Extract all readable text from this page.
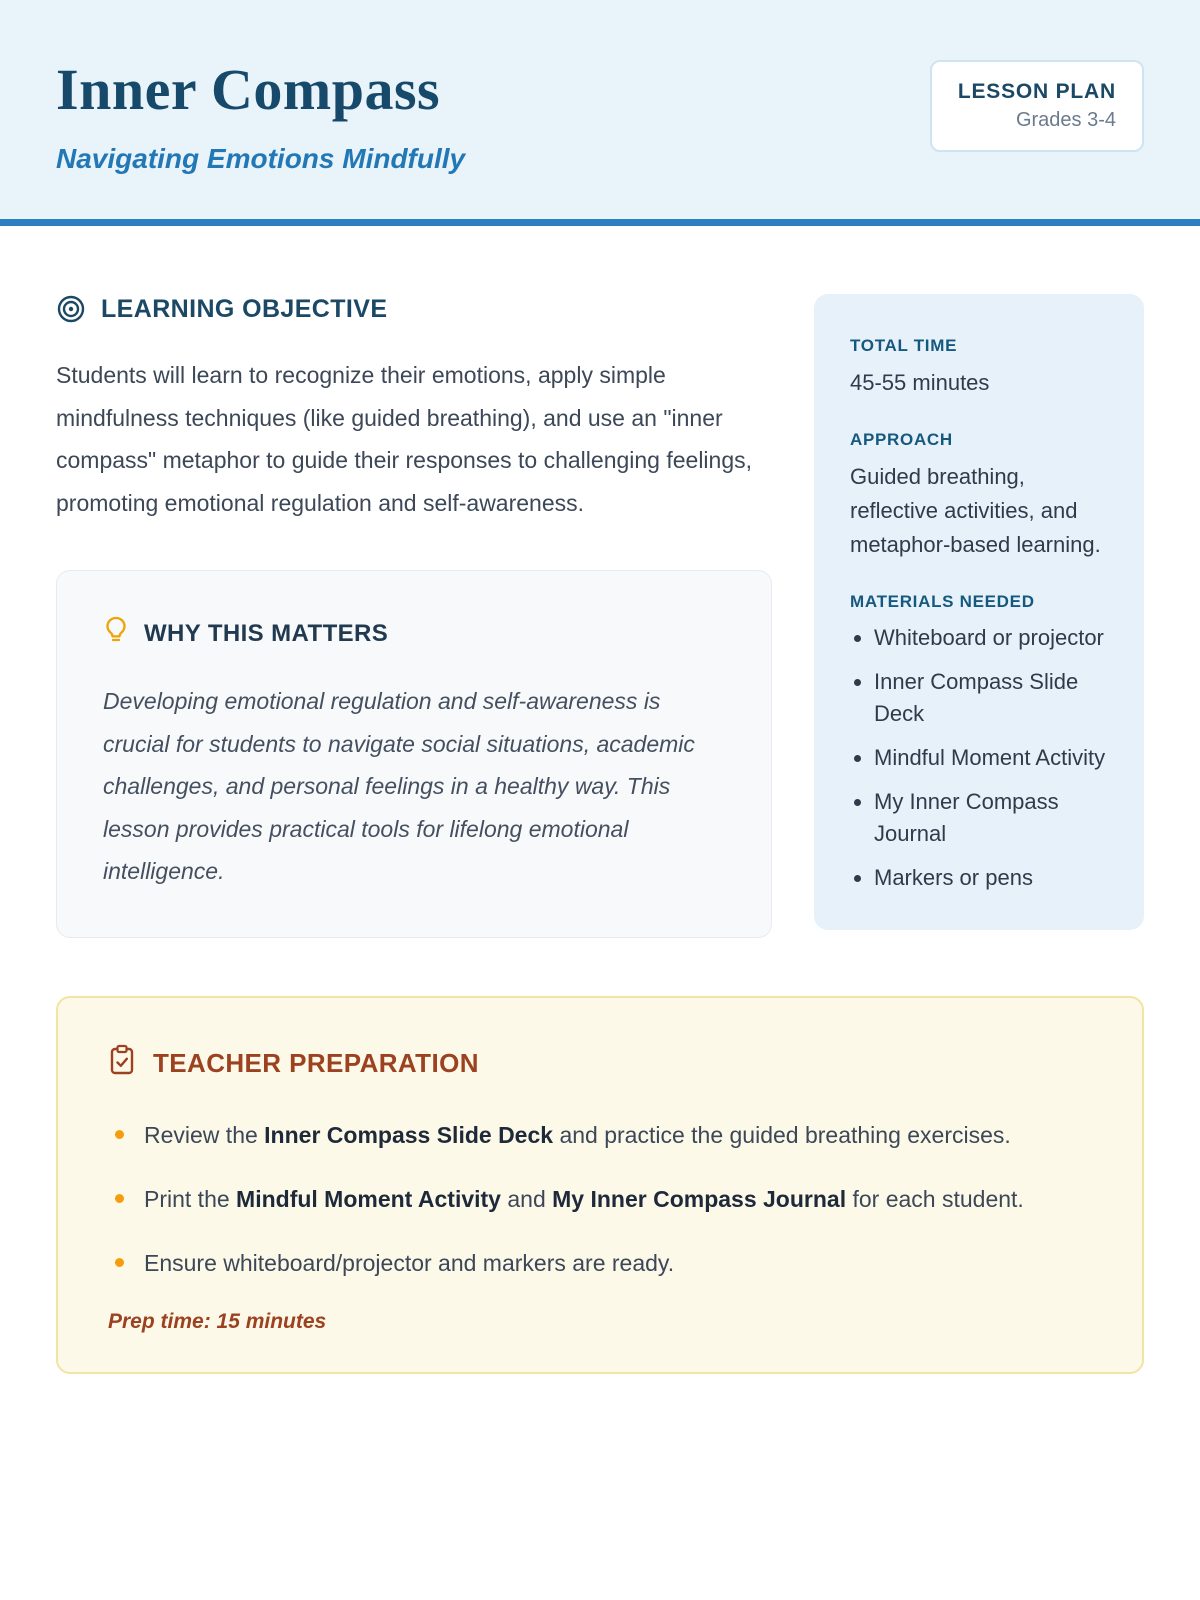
Inner Compass

Navigating Emotions Mindfully

LESSON PLAN
Grades 3-4
LEARNING OBJECTIVE

Students will learn to recognize their emotions, apply simple mindfulness techniques (like guided breathing), and use an "inner compass" metaphor to guide their responses to challenging feelings, promoting emotional regulation and self-awareness.

WHY THIS MATTERS

Developing emotional regulation and self-awareness is crucial for students to navigate social situations, academic challenges, and personal feelings in a healthy way. This lesson provides practical tools for lifelong emotional intelligence.

TOTAL TIME
45-55 minutes
APPROACH
Guided breathing, reflective activities, and metaphor-based learning.
MATERIALS NEEDED
• Whiteboard or projector
• Inner Compass Slide Deck
• Mindful Moment Activity
• My Inner Compass Journal
• Markers or pens
TEACHER PREPARATION
Review the Inner Compass Slide Deck and practice the guided breathing exercises.
Print the Mindful Moment Activity and My Inner Compass Journal for each student.
Ensure whiteboard/projector and markers are ready.

Prep time: 15 minutes
